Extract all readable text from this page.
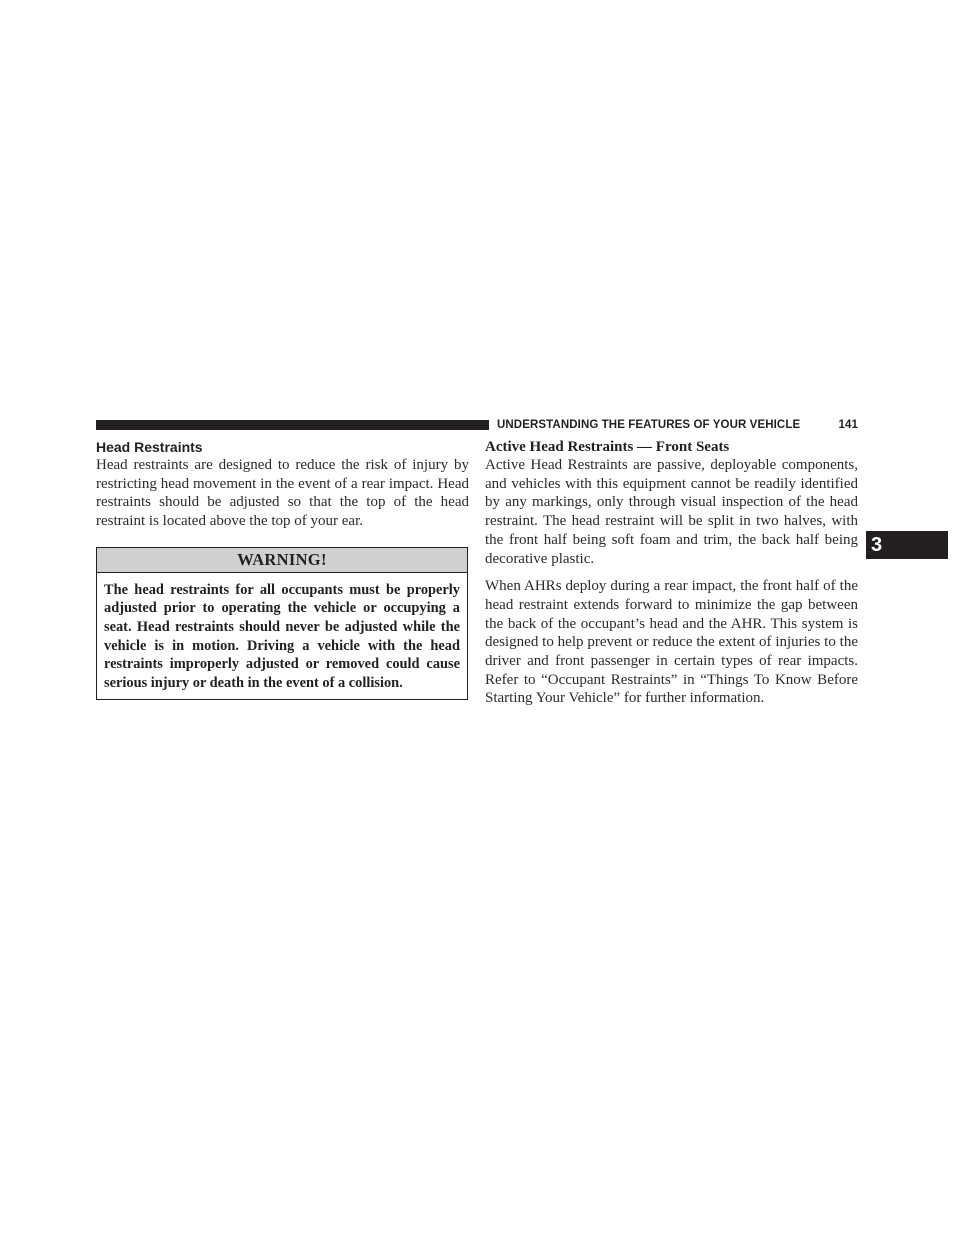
UNDERSTANDING THE FEATURES OF YOUR VEHICLE	141
Head Restraints

Head restraints are designed to reduce the risk of injury by restricting head movement in the event of a rear impact. Head restraints should be adjusted so that the top of the head restraint is located above the top of your ear.

WARNING!
The head restraints for all occupants must be properly adjusted prior to operating the vehicle or occupying a seat. Head restraints should never be adjusted while the vehicle is in motion. Driving a vehicle with the head restraints improperly adjusted or removed could cause serious injury or death in the event of a collision.
Active Head Restraints — Front Seats

Active Head Restraints are passive, deployable components, and vehicles with this equipment cannot be readily identified by any markings, only through visual inspection of the head restraint. The head restraint will be split in two halves, with the front half being soft foam and trim, the back half being decorative plastic.

When AHRs deploy during a rear impact, the front half of the head restraint extends forward to minimize the gap between the back of the occupant’s head and the AHR. This system is designed to help prevent or reduce the extent of injuries to the driver and front passenger in certain types of rear impacts. Refer to “Occupant Restraints” in “Things To Know Before Starting Your Vehicle” for further information.

3
